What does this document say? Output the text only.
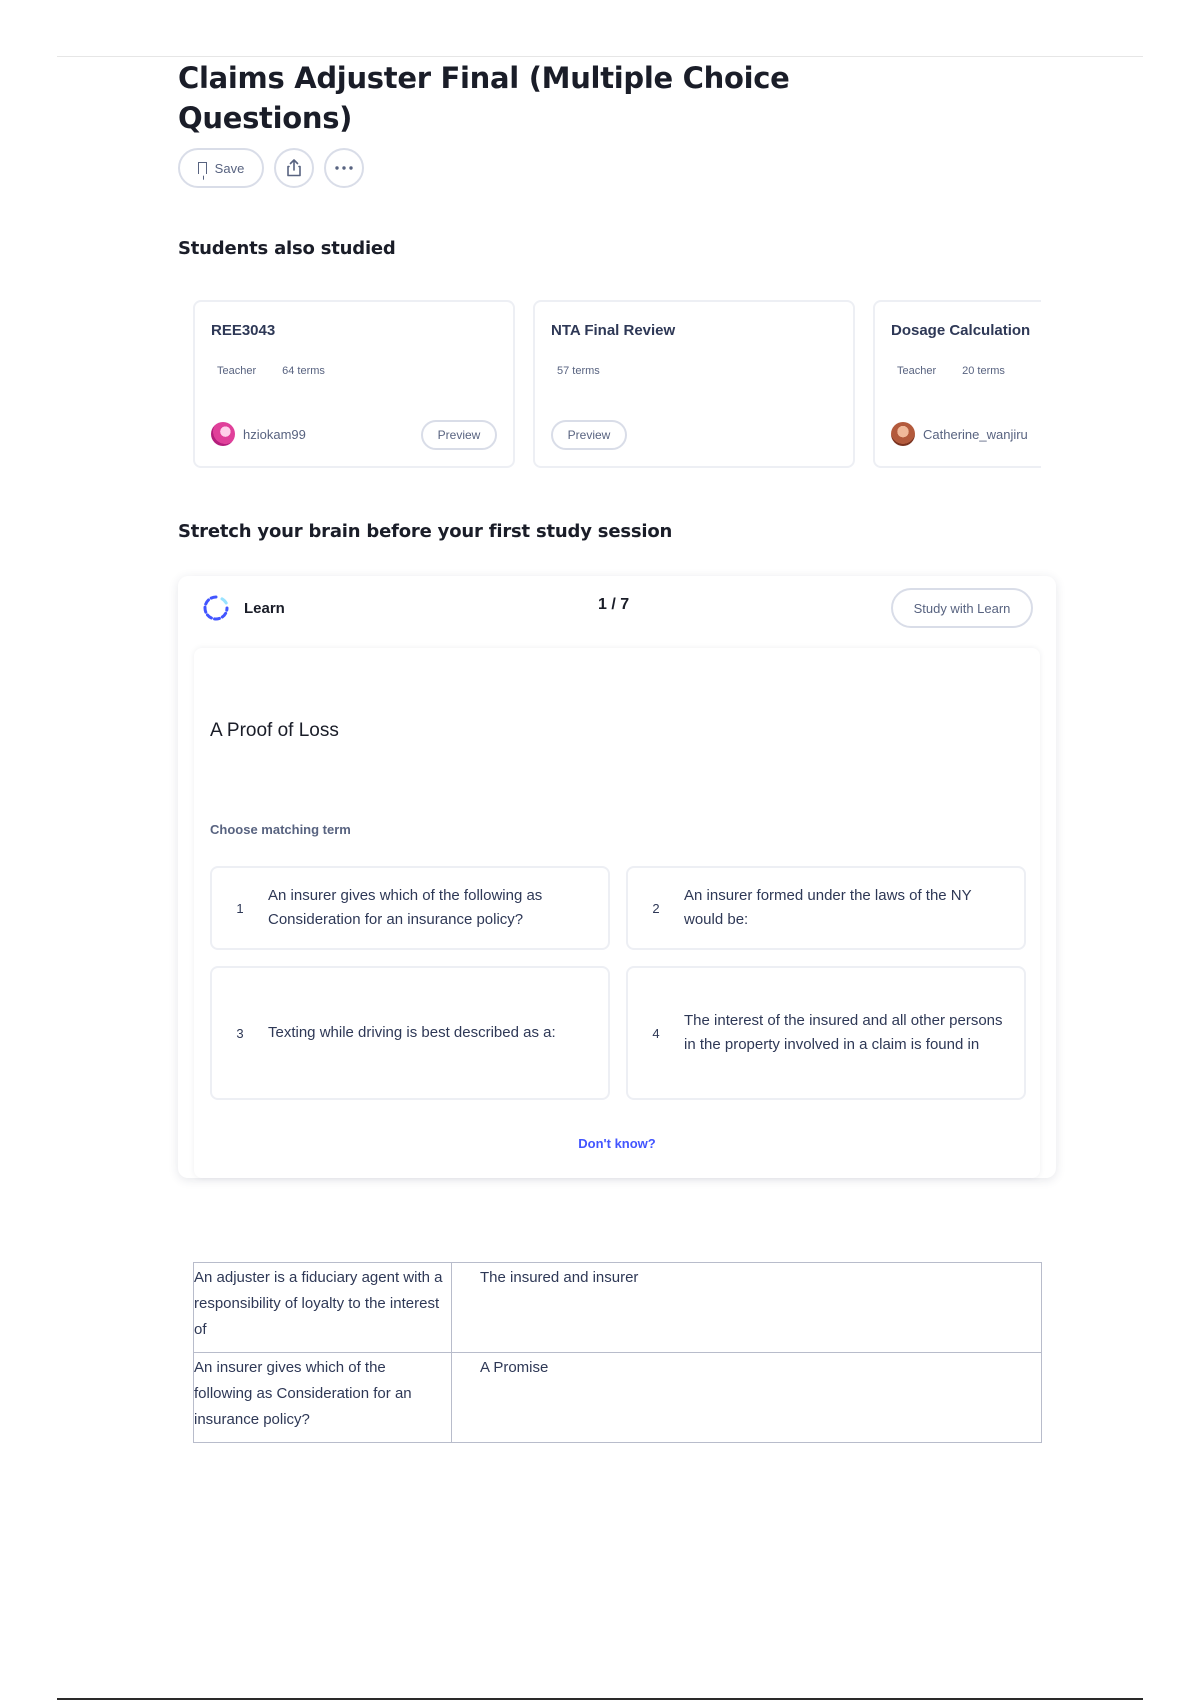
Claims Adjuster Final (Multiple Choice Questions)
Save
Students also studied
REE3043
Teacher 64 terms
hziokam99	Preview
NTA Final Review
57 terms
Preview
Dosage Calculation
Teacher 20 terms
Catherine_wanjiru
Stretch your brain before your first study session
Learn	1 / 7	Study with Learn
A Proof of Loss
Choose matching term
1
An insurer gives which of the following as Consideration for an insurance policy?
2
An insurer formed under the laws of the NY would be:
3	Texting while driving is best described as a:	4
The interest of the insured and all other persons in the property involved in a claim is found in
Don't know?
An adjuster is a fiduciary agent with a responsibility of loyalty to the interest of	The insured and insurer
An insurer gives which of the following as Consideration for an insurance policy?	A Promise
